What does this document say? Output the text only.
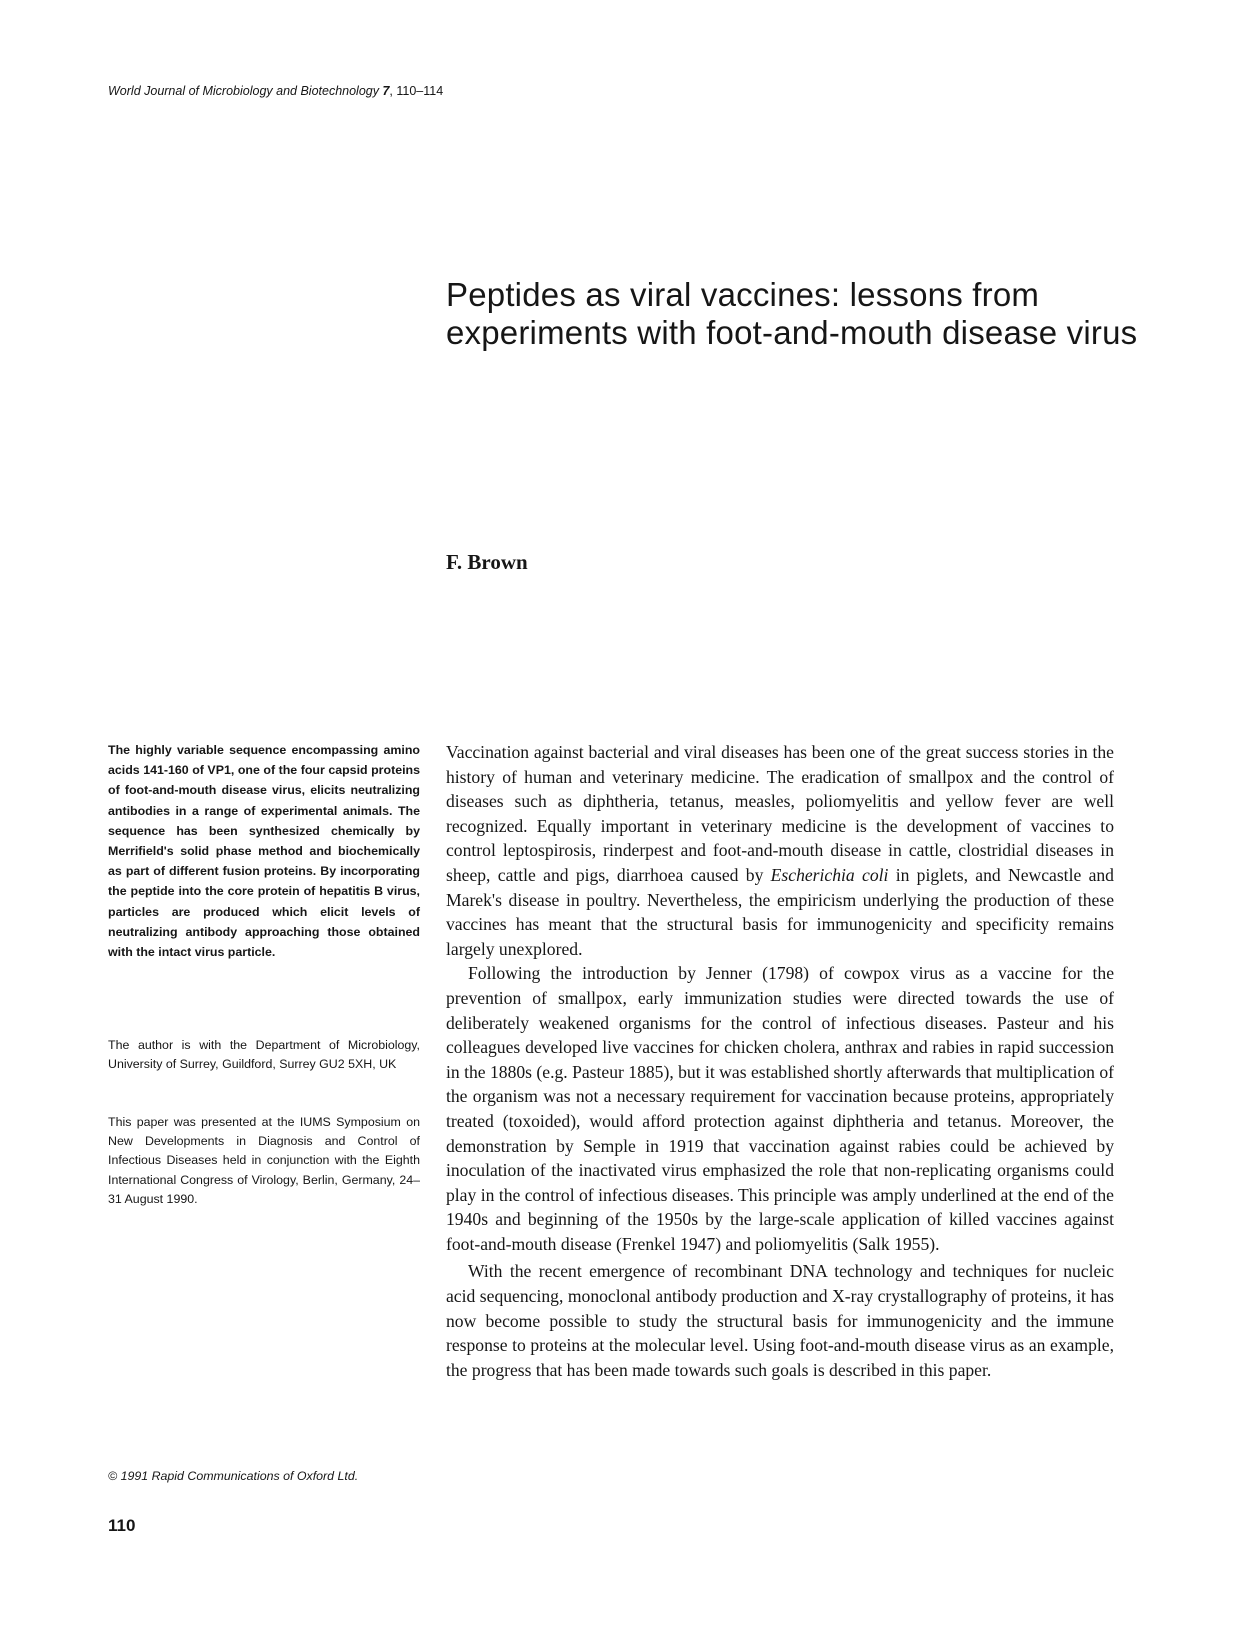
World Journal of Microbiology and Biotechnology 7, 110–114
Peptides as viral vaccines: lessons from experiments with foot-and-mouth disease virus
F. Brown

The highly variable sequence encompassing amino acids 141-160 of VP1, one of the four capsid proteins of foot-and-mouth disease virus, elicits neutralizing antibodies in a range of experimental animals. The sequence has been synthesized chemically by Merrifield's solid phase method and biochemically as part of different fusion proteins. By incorporating the peptide into the core protein of hepatitis B virus, particles are produced which elicit levels of neutralizing antibody approaching those obtained with the intact virus particle.

The author is with the Department of Microbiology, University of Surrey, Guildford, Surrey GU2 5XH, UK

This paper was presented at the IUMS Symposium on New Developments in Diagnosis and Control of Infectious Diseases held in conjunction with the Eighth International Congress of Virology, Berlin, Germany, 24–31 August 1990.

© 1991 Rapid Communications of Oxford Ltd.
110

Vaccination against bacterial and viral diseases has been one of the great success stories in the history of human and veterinary medicine. The eradication of smallpox and the control of diseases such as diphtheria, tetanus, measles, poliomyelitis and yellow fever are well recognized. Equally important in veterinary medicine is the development of vaccines to control leptospirosis, rinderpest and foot-and-mouth disease in cattle, clostridial diseases in sheep, cattle and pigs, diarrhoea caused by Escherichia coli in piglets, and Newcastle and Marek's disease in poultry. Nevertheless, the empiricism underlying the production of these vaccines has meant that the structural basis for immunogenicity and specificity remains largely unexplored.

Following the introduction by Jenner (1798) of cowpox virus as a vaccine for the prevention of smallpox, early immunization studies were directed towards the use of deliberately weakened organisms for the control of infectious diseases. Pasteur and his colleagues developed live vaccines for chicken cholera, anthrax and rabies in rapid succession in the 1880s (e.g. Pasteur 1885), but it was established shortly afterwards that multiplication of the organism was not a necessary requirement for vaccination because proteins, appropriately treated (toxoided), would afford protection against diphtheria and tetanus. Moreover, the demonstration by Semple in 1919 that vaccination against rabies could be achieved by inoculation of the inactivated virus emphasized the role that non-replicating organisms could play in the control of infectious diseases. This principle was amply underlined at the end of the 1940s and beginning of the 1950s by the large-scale application of killed vaccines against foot-and-mouth disease (Frenkel 1947) and poliomyelitis (Salk 1955).

With the recent emergence of recombinant DNA technology and techniques for nucleic acid sequencing, monoclonal antibody production and X-ray crystallography of proteins, it has now become possible to study the structural basis for immunogenicity and the immune response to proteins at the molecular level. Using foot-and-mouth disease virus as an example, the progress that has been made towards such goals is described in this paper.
